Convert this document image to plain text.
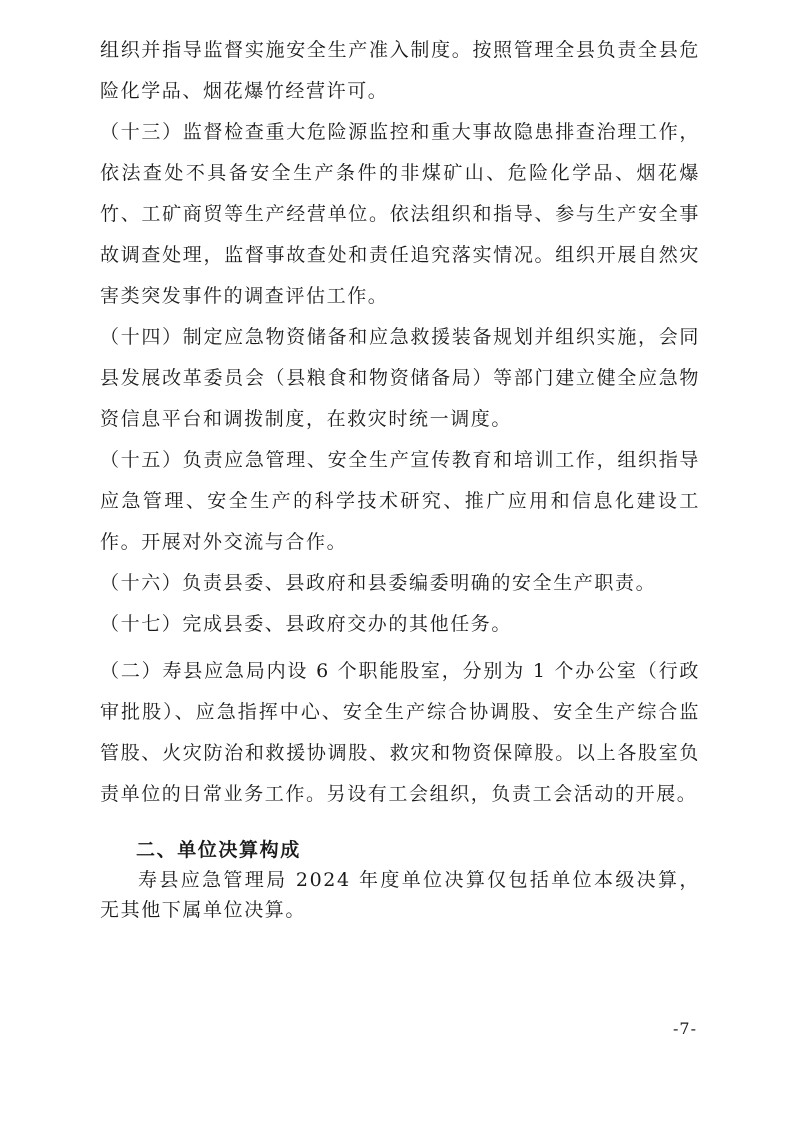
组织并指导监督实施安全生产准入制度。按照管理全县负责全县危险化学品、烟花爆竹经营许可。

（十三）监督检查重大危险源监控和重大事故隐患排查治理工作，依法查处不具备安全生产条件的非煤矿山、危险化学品、烟花爆竹、工矿商贸等生产经营单位。依法组织和指导、参与生产安全事故调查处理，监督事故查处和责任追究落实情况。组织开展自然灾害类突发事件的调查评估工作。

（十四）制定应急物资储备和应急救援装备规划并组织实施，会同县发展改革委员会（县粮食和物资储备局）等部门建立健全应急物资信息平台和调拨制度，在救灾时统一调度。

（十五）负责应急管理、安全生产宣传教育和培训工作，组织指导应急管理、安全生产的科学技术研究、推广应用和信息化建设工作。开展对外交流与合作。

（十六）负责县委、县政府和县委编委明确的安全生产职责。

（十七）完成县委、县政府交办的其他任务。

（二）寿县应急局内设 6 个职能股室，分别为 1 个办公室（行政审批股）、应急指挥中心、安全生产综合协调股、安全生产综合监管股、火灾防治和救援协调股、救灾和物资保障股。以上各股室负责单位的日常业务工作。另设有工会组织，负责工会活动的开展。

二、单位决算构成

寿县应急管理局 2024 年度单位决算仅包括单位本级决算，无其他下属单位决算。

-7-
